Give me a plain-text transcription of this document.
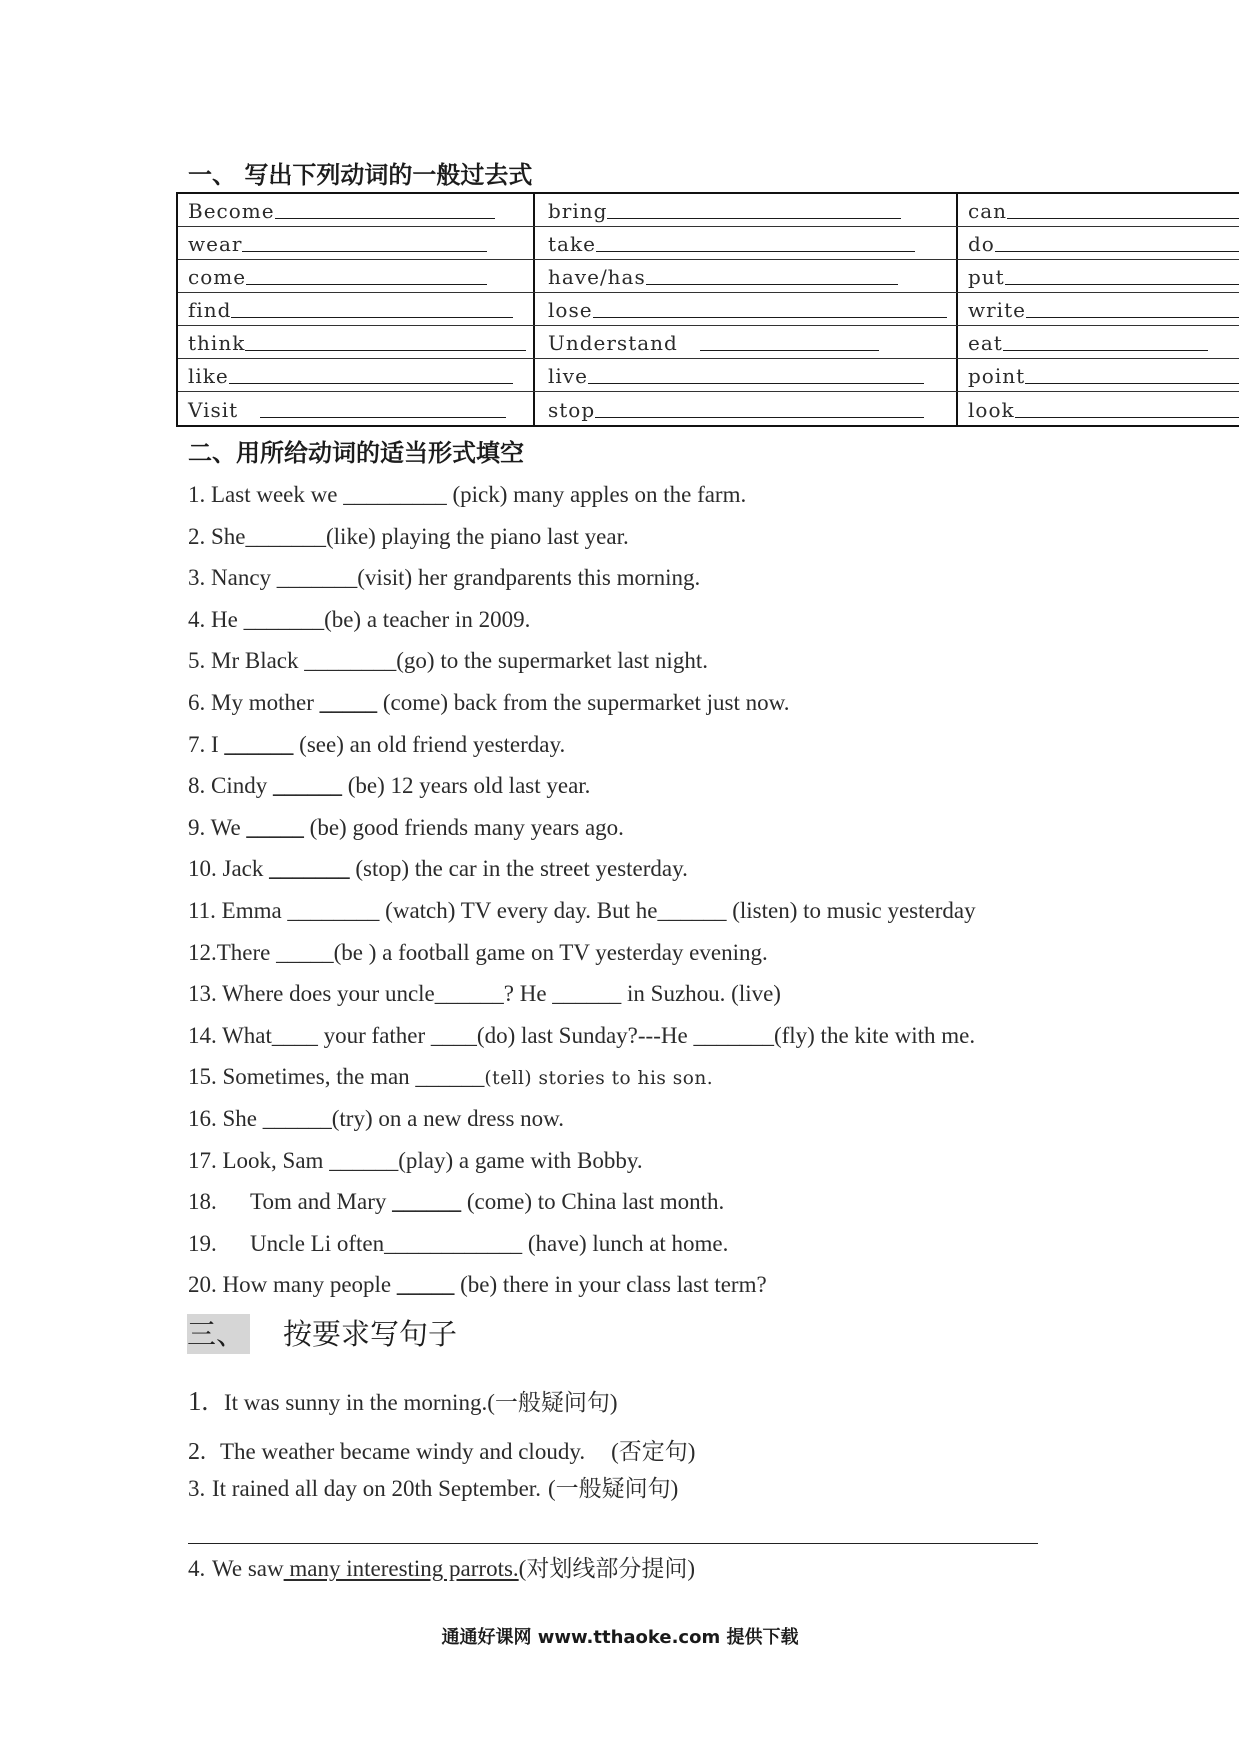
一、 写出下列动词的一般过去式
Become	bring	can
wear	take	do
come	have/has	put
find	lose	write
think	Understand	eat
like	live	point
Visit	stop	look
二、用所给动词的适当形式填空
1. Last week we _________ (pick) many apples on the farm.
2. She_______(like) playing the piano last year.
3. Nancy _______(visit) her grandparents this morning.
4. He _______(be) a teacher in 2009.
5. Mr Black ________(go) to the supermarket last night.
6. My mother _____ (come) back from the supermarket just now.
7. I ______ (see) an old friend yesterday.
8. Cindy ______ (be) 12 years old last year.
9. We _____ (be) good friends many years ago.
10. Jack _______ (stop) the car in the street yesterday.
11. Emma ________ (watch) TV every day. But he______ (listen) to music yesterday
12.There _____(be ) a football game on TV yesterday evening.
13. Where does your uncle______? He ______ in Suzhou. (live)
14. What____ your father ____(do) last Sunday?---He _______(fly) the kite with me.
15. Sometimes, the man ______(tell) stories to his son.
16. She ______(try) on a new dress now.
17. Look, Sam ______(play) a game with Bobby.
18. Tom and Mary ______ (come) to China last month.
19. Uncle Li often____________ (have) lunch at home.
20. How many people _____ (be) there in your class last term?
三、 按要求写句子
1. It was sunny in the morning.(一般疑问句)
2. The weather became windy and cloudy. (否定句)
3. It rained all day on 20th September. (一般疑问句)
4. We saw many interesting parrots.(对划线部分提问)
通通好课网 www.tthaoke.com 提供下载
